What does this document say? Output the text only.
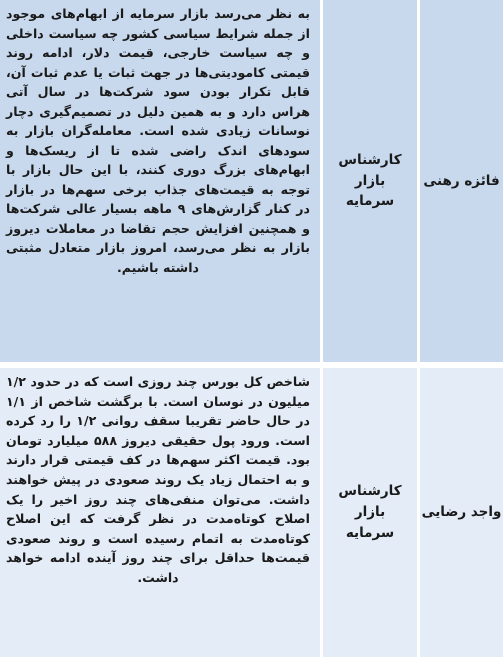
فائزه رهنی
کارشناس بازار سرمایه

به نظر می‌رسد بازار سرمایه از ابهام‌های موجود از جمله شرایط سیاسی کشور چه سیاست داخلی و چه سیاست خارجی، قیمت دلار، ادامه روند قیمتی کامودیتی‌ها در جهت ثبات یا عدم ثبات آن، قابل تکرار بودن سود شرکت‌ها در سال آتی هراس دارد و به همین دلیل در تصمیم‌گیری دچار نوسانات زیادی شده است. معامله‌گران بازار به سودهای اندک راضی شده تا از ریسک‌ها و ابهام‌های بزرگ دوری کنند، با این حال بازار با توجه به قیمت‌های جذاب برخی سهم‌ها در بازار در کنار گزارش‌های ۹ ماهه بسیار عالی شرکت‌ها و همچنین افزایش حجم تقاضا در معاملات دیروز بازار به نظر می‌رسد، امروز بازار متعادل مثبتی داشته باشیم.

واجد رضایی
کارشناس بازار سرمایه

شاخص کل بورس چند روزی است که در حدود ۱/۲ میلیون در نوسان است. با برگشت شاخص از ۱/۱ در حال حاضر تقریبا سقف روانی ۱/۲ را رد کرده است. ورود پول حقیقی دیروز ۵۸۸ میلیارد تومان بود. قیمت اکثر سهم‌ها در کف قیمتی قرار دارند و به احتمال زیاد یک روند صعودی در پیش خواهند داشت. می‌توان منفی‌های چند روز اخیر را یک اصلاح کوتاه‌مدت در نظر گرفت که این اصلاح کوتاه‌مدت به اتمام رسیده است و روند صعودی قیمت‌ها حداقل برای چند روز آینده ادامه خواهد داشت.
